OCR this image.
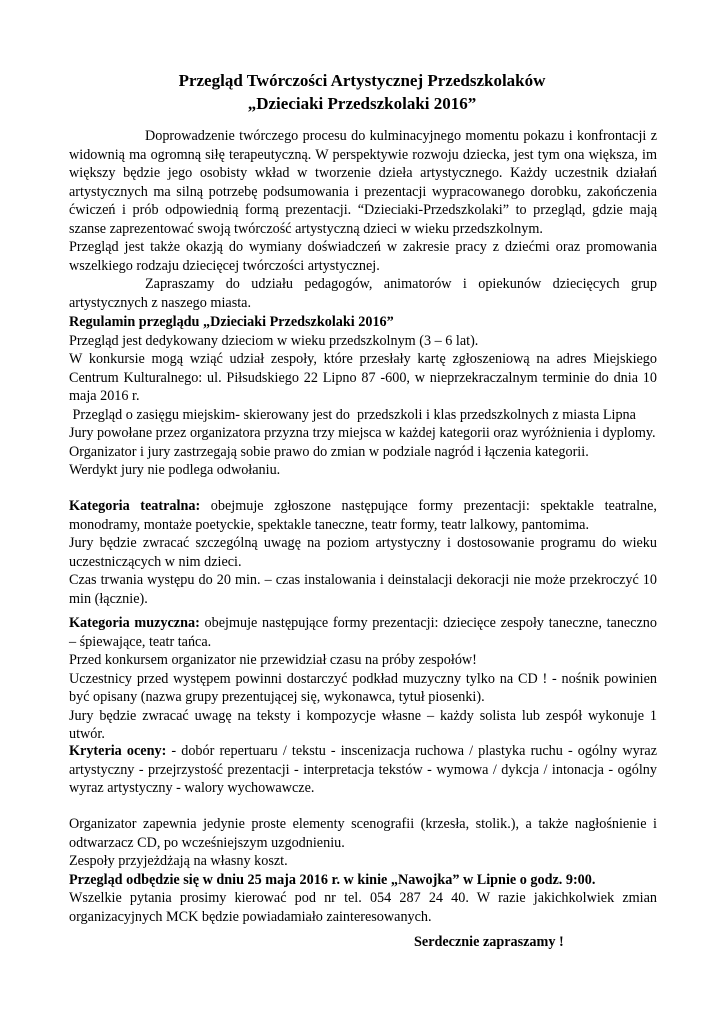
Przegląd Twórczości Artystycznej Przedszkolaków
„Dzieciaki Przedszkolaki 2016”

Doprowadzenie twórczego procesu do kulminacyjnego momentu pokazu i konfrontacji z widownią ma ogromną siłę terapeutyczną. W perspektywie rozwoju dziecka, jest tym ona większa, im większy będzie jego osobisty wkład w tworzenie dzieła artystycznego. Każdy uczestnik działań artystycznych ma silną potrzebę podsumowania i prezentacji wypracowanego dorobku, zakończenia ćwiczeń i prób odpowiednią formą prezentacji. “Dzieciaki-Przedszkolaki” to przegląd, gdzie mają szanse zaprezentować swoją twórczość artystyczną dzieci w wieku przedszkolnym.

Przegląd jest także okazją do wymiany doświadczeń w zakresie pracy z dziećmi oraz promowania wszelkiego rodzaju dziecięcej twórczości artystycznej.

Zapraszamy do udziału pedagogów, animatorów i opiekunów dziecięcych grup artystycznych z naszego miasta.

Regulamin przeglądu „Dzieciaki Przedszkolaki 2016”
Przegląd jest dedykowany dzieciom w wieku przedszkolnym (3 – 6 lat).
W konkursie mogą wziąć udział zespoły, które przesłały kartę zgłoszeniową na adres Miejskiego Centrum Kulturalnego: ul. Piłsudskiego 22 Lipno 87 -600, w nieprzekraczalnym terminie do dnia 10 maja 2016 r.
Przegląd o zasięgu miejskim- skierowany jest do  przedszkoli i klas przedszkolnych z miasta Lipna
Jury powołane przez organizatora przyzna trzy miejsca w każdej kategorii oraz wyróżnienia i dyplomy.
Organizator i jury zastrzegają sobie prawo do zmian w podziale nagród i łączenia kategorii.
Werdykt jury nie podlega odwołaniu.
Kategoria teatralna: obejmuje zgłoszone następujące formy prezentacji: spektakle teatralne, monodramy, montaże poetyckie, spektakle taneczne, teatr formy, teatr lalkowy, pantomima.
Jury będzie zwracać szczególną uwagę na poziom artystyczny i dostosowanie programu do wieku uczestniczących w nim dzieci.
Czas trwania występu do 20 min. – czas instalowania i deinstalacji dekoracji nie może przekroczyć 10 min (łącznie).
Kategoria muzyczna: obejmuje następujące formy prezentacji: dziecięce zespoły taneczne, taneczno – śpiewające, teatr tańca.
Przed konkursem organizator nie przewidział czasu na próby zespołów!
Uczestnicy przed występem powinni dostarczyć podkład muzyczny tylko na CD ! - nośnik powinien być opisany (nazwa grupy prezentującej się, wykonawca, tytuł piosenki).
Jury będzie zwracać uwagę na teksty i kompozycje własne – każdy solista lub zespół wykonuje 1 utwór.
Kryteria oceny: - dobór repertuaru / tekstu - inscenizacja ruchowa / plastyka ruchu - ogólny wyraz artystyczny - przejrzystość prezentacji - interpretacja tekstów - wymowa / dykcja / intonacja - ogólny wyraz artystyczny - walory wychowawcze.
Organizator zapewnia jedynie proste elementy scenografii (krzesła, stolik.), a także nagłośnienie i odtwarzacz CD, po wcześniejszym uzgodnieniu.
Zespoły przyjeżdżają na własny koszt.
Przegląd odbędzie się w dniu 25 maja 2016 r. w kinie „Nawojka” w Lipnie o godz. 9:00.
Wszelkie pytania prosimy kierować pod nr tel. 054 287 24 40. W razie jakichkolwiek zmian organizacyjnych MCK będzie powiadamiało zainteresowanych.
Serdecznie zapraszamy !
